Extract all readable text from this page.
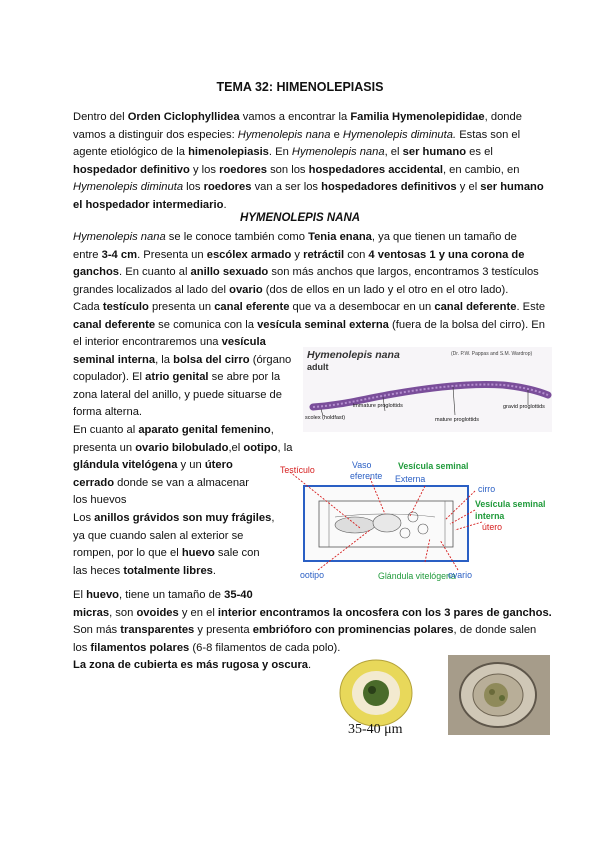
TEMA 32: HIMENOLEPIASIS
HYMENOLEPIS NANA
Dentro del Orden Ciclophyllidea vamos a encontrar la Familia Hymenolepididae, donde
vamos a distinguir dos especies: Hymenolepis nana e Hymenolepis diminuta. Estas son el
agente etiológico de la himenolepiasis. En Hymenolepis nana, el ser humano es el
hospedador definitivo y los roedores son los hospedadores accidental, en cambio, en
Hymenolepis diminuta los roedores van a ser los hospedadores definitivos y el ser humano
el hospedador intermediario.
Hymenolepis nana se le conoce también como Tenia enana, ya que tienen un tamaño de
entre 3-4 cm. Presenta un escólex armado y retráctil con 4 ventosas 1 y una corona de
ganchos. En cuanto al anillo sexuado son más anchos que largos, encontramos 3 testículos
grandes localizados al lado del ovario (dos de ellos en un lado y el otro en el otro lado).
Cada testículo presenta un canal eferente que va a desembocar en un canal deferente. Este
canal deferente se comunica con la vesícula seminal externa (fuera de la bolsa del cirro). En
el interior encontraremos una vesícula
seminal interna, la bolsa del cirro (órgano
copulador). El atrio genital se abre por la
zona lateral del anillo, y puede situarse de
forma alterna.
En cuanto al aparato genital femenino,
presenta un ovario bilobulado,el ootipo, la
glándula vitelógena y un útero
cerrado donde se van a almacenar
los huevos
Los anillos grávidos son muy frágiles,
ya que cuando salen al exterior se
rompen, por lo que el huevo sale con
las heces totalmente libres.
El huevo, tiene un tamaño de 35-40
micras, son ovoides y en el interior encontramos la oncosfera con los 3 pares de ganchos.
Son más transparentes y presenta embrióforo con prominencias polares, de donde salen
los filamentos polares (6-8 filamentos de cada polo).
La zona de cubierta es más rugosa y oscura.
Hymenolepis nana
adult
(Dr. P.W. Pappas and S.M. Wardrop)
scolex (holdfast)
immature proglottids
mature proglottids
gravid proglottids
Testículo	Vaso
eferente
Vesícula seminal
Externa
cirro
Vesícula seminal
interna
útero
ootipo	Glándula vitelógena
ovario
35-40 μm
